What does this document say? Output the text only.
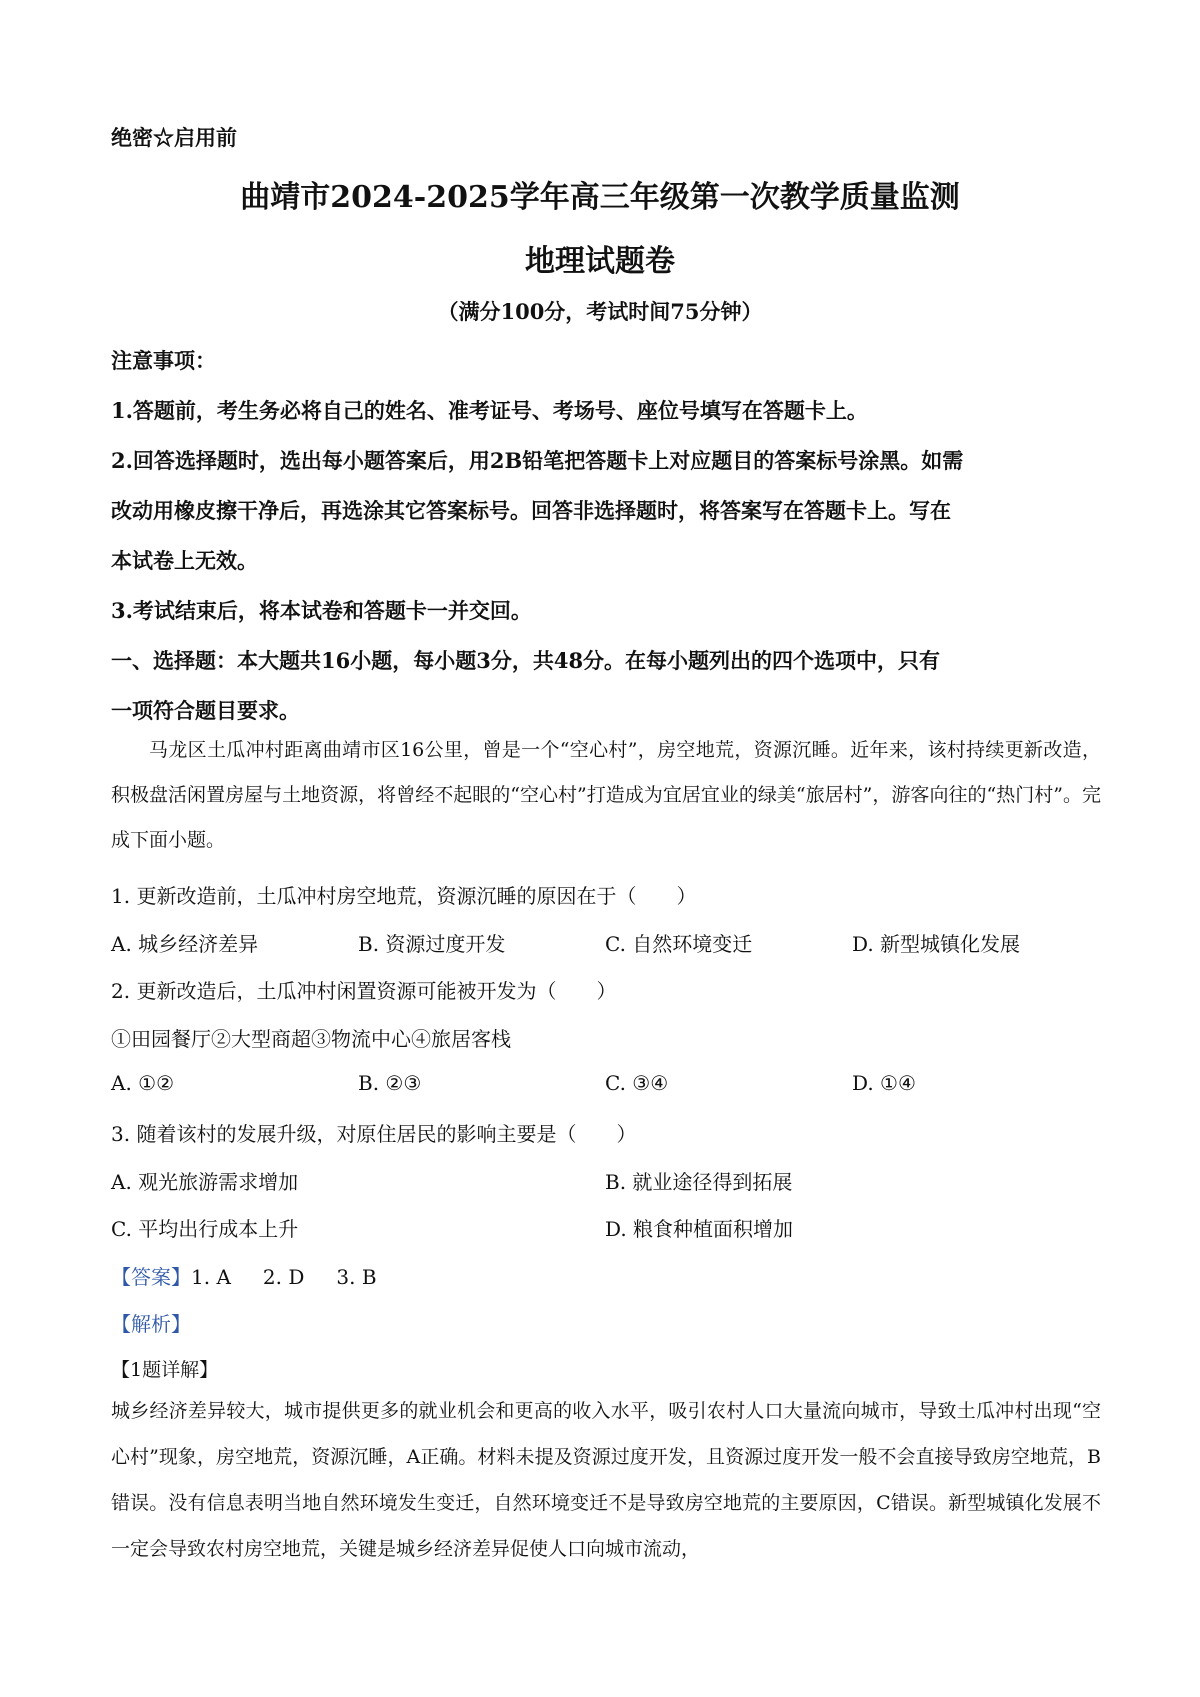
绝密☆启用前
曲靖市2024-2025学年高三年级第一次教学质量监测
地理试题卷
（满分100分，考试时间75分钟）
注意事项：
1.答题前，考生务必将自己的姓名、准考证号、考场号、座位号填写在答题卡上。
2.回答选择题时，选出每小题答案后，用2B铅笔把答题卡上对应题目的答案标号涂黑。如需
改动用橡皮擦干净后，再选涂其它答案标号。回答非选择题时，将答案写在答题卡上。写在
本试卷上无效。
3.考试结束后，将本试卷和答题卡一并交回。
一、选择题：本大题共16小题，每小题3分，共48分。在每小题列出的四个选项中，只有
一项符合题目要求。
马龙区土瓜冲村距离曲靖市区16公里，曾是一个“空心村”，房空地荒，资源沉睡。近年来，该村持续更新改造，积极盘活闲置房屋与土地资源，将曾经不起眼的“空心村”打造成为宜居宜业的绿美“旅居村”，游客向往的“热门村”。完成下面小题。
1. 更新改造前，土瓜冲村房空地荒，资源沉睡的原因在于（　　）
A. 城乡经济差异	B. 资源过度开发	C. 自然环境变迁	D. 新型城镇化发展
2. 更新改造后，土瓜冲村闲置资源可能被开发为（　　）
①田园餐厅②大型商超③物流中心④旅居客栈
A. ①②	B. ②③	C. ③④	D. ①④
3. 随着该村的发展升级，对原住居民的影响主要是（　　）
A. 观光旅游需求增加	B. 就业途径得到拓展
C. 平均出行成本上升	D. 粮食种植面积增加
【答案】1. A 2. D 3. B
【解析】
【1题详解】
城乡经济差异较大，城市提供更多的就业机会和更高的收入水平，吸引农村人口大量流向城市，导致土瓜冲村出现“空心村”现象，房空地荒，资源沉睡，A正确。材料未提及资源过度开发，且资源过度开发一般不会直接导致房空地荒，B错误。没有信息表明当地自然环境发生变迁，自然环境变迁不是导致房空地荒的主要原因，C错误。新型城镇化发展不一定会导致农村房空地荒，关键是城乡经济差异促使人口向城市流动，
